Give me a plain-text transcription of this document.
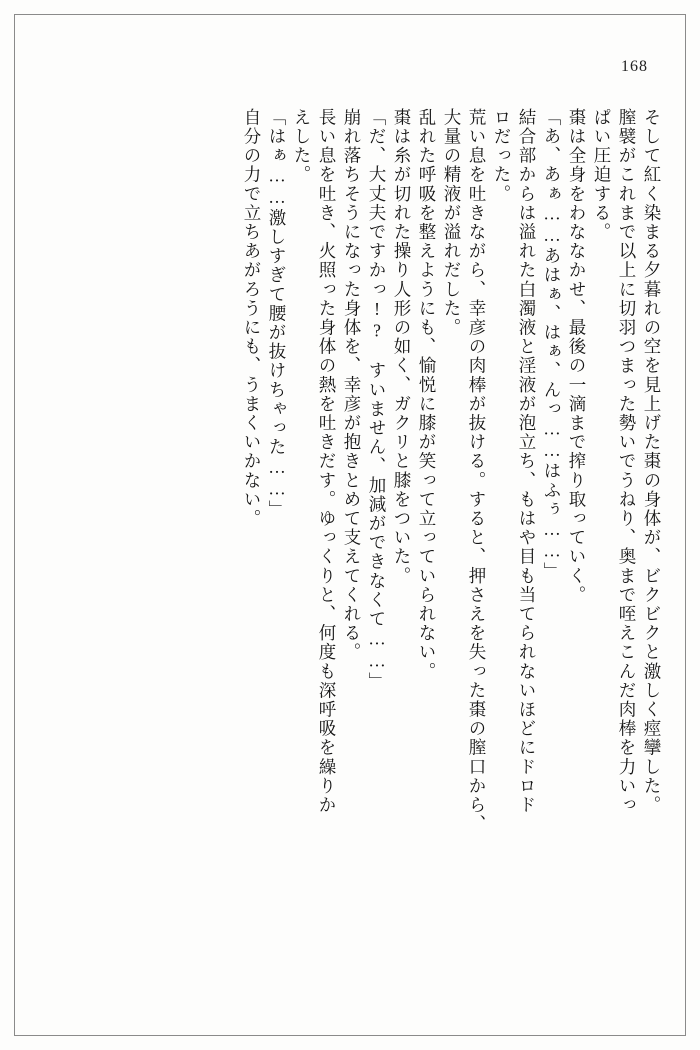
168
そして紅く染まる夕暮れの空を見上げた棗の身体が、ビクビクと激しく痙攣した。
膣襞がこれまで以上に切羽つまった勢いでうねり、奥まで咥えこんだ肉棒を力いっ
ぱい圧迫する。
棗は全身をわななかせ、最後の一滴まで搾り取っていく。
「あ、あぁ……あはぁ、はぁ、んっ……はふぅ……」
結合部からは溢れた白濁液と淫液が泡立ち、もはや目も当てられないほどにドロド
ロだった。
荒い息を吐きながら、幸彦の肉棒が抜ける。すると、押さえを失った棗の膣口から、
大量の精液が溢れだした。
乱れた呼吸を整えようにも、愉悦に膝が笑って立っていられない。
棗は糸が切れた操り人形の如く、ガクリと膝をついた。
「だ、大丈夫ですかっ!?　すいません、加減ができなくて……」
崩れ落ちそうになった身体を、幸彦が抱きとめて支えてくれる。
長い息を吐き、火照った身体の熱を吐きだす。ゆっくりと、何度も深呼吸を繰りか
えした。
「はぁ……激しすぎて腰が抜けちゃった……」
自分の力で立ちあがろうにも、うまくいかない。
